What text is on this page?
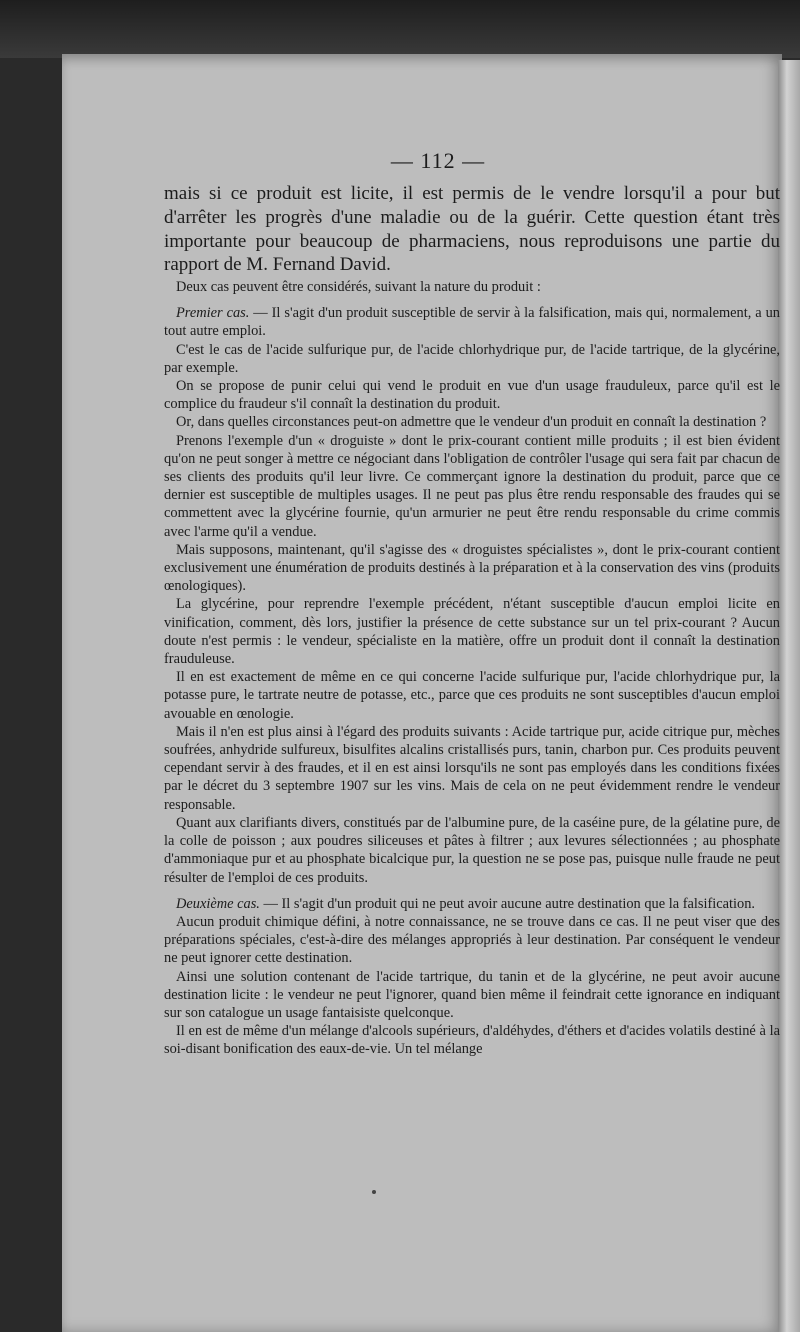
— 112 —
mais si ce produit est licite, il est permis de le vendre lorsqu'il a pour but d'arrêter les progrès d'une maladie ou de la guérir. Cette question étant très importante pour beaucoup de pharmaciens, nous reproduisons une partie du rapport de M. Fernand David.

Deux cas peuvent être considérés, suivant la nature du produit :

Premier cas. — Il s'agit d'un produit susceptible de servir à la falsification, mais qui, normalement, a un tout autre emploi.

C'est le cas de l'acide sulfurique pur, de l'acide chlorhydrique pur, de l'acide tartrique, de la glycérine, par exemple.

On se propose de punir celui qui vend le produit en vue d'un usage frauduleux, parce qu'il est le complice du fraudeur s'il connaît la destination du produit.

Or, dans quelles circonstances peut-on admettre que le vendeur d'un produit en connaît la destination ?

Prenons l'exemple d'un « droguiste » dont le prix-courant contient mille produits ; il est bien évident qu'on ne peut songer à mettre ce négociant dans l'obligation de contrôler l'usage qui sera fait par chacun de ses clients des produits qu'il leur livre. Ce commerçant ignore la destination du produit, parce que ce dernier est susceptible de multiples usages. Il ne peut pas plus être rendu responsable des fraudes qui se commettent avec la glycérine fournie, qu'un armurier ne peut être rendu responsable du crime commis avec l'arme qu'il a vendue.

Mais supposons, maintenant, qu'il s'agisse des « droguistes spécialistes », dont le prix-courant contient exclusivement une énumération de produits destinés à la préparation et à la conservation des vins (produits œnologiques).

La glycérine, pour reprendre l'exemple précédent, n'étant susceptible d'aucun emploi licite en vinification, comment, dès lors, justifier la présence de cette substance sur un tel prix-courant ? Aucun doute n'est permis : le vendeur, spécialiste en la matière, offre un produit dont il connaît la destination frauduleuse.

Il en est exactement de même en ce qui concerne l'acide sulfurique pur, l'acide chlorhydrique pur, la potasse pure, le tartrate neutre de potasse, etc., parce que ces produits ne sont susceptibles d'aucun emploi avouable en œnologie.

Mais il n'en est plus ainsi à l'égard des produits suivants : Acide tartrique pur, acide citrique pur, mèches soufrées, anhydride sulfureux, bisulfites alcalins cristallisés purs, tanin, charbon pur. Ces produits peuvent cependant servir à des fraudes, et il en est ainsi lorsqu'ils ne sont pas employés dans les conditions fixées par le décret du 3 septembre 1907 sur les vins. Mais de cela on ne peut évidemment rendre le vendeur responsable.

Quant aux clarifiants divers, constitués par de l'albumine pure, de la caséine pure, de la gélatine pure, de la colle de poisson ; aux poudres siliceuses et pâtes à filtrer ; aux levures sélectionnées ; au phosphate d'ammoniaque pur et au phosphate bicalcique pur, la question ne se pose pas, puisque nulle fraude ne peut résulter de l'emploi de ces produits.

Deuxième cas. — Il s'agit d'un produit qui ne peut avoir aucune autre destination que la falsification.

Aucun produit chimique défini, à notre connaissance, ne se trouve dans ce cas. Il ne peut viser que des préparations spéciales, c'est-à-dire des mélanges appropriés à leur destination. Par conséquent le vendeur ne peut ignorer cette destination.

Ainsi une solution contenant de l'acide tartrique, du tanin et de la glycérine, ne peut avoir aucune destination licite : le vendeur ne peut l'ignorer, quand bien même il feindrait cette ignorance en indiquant sur son catalogue un usage fantaisiste quelconque.

Il en est de même d'un mélange d'alcools supérieurs, d'aldéhydes, d'éthers et d'acides volatils destiné à la soi-disant bonification des eaux-de-vie. Un tel mélange
